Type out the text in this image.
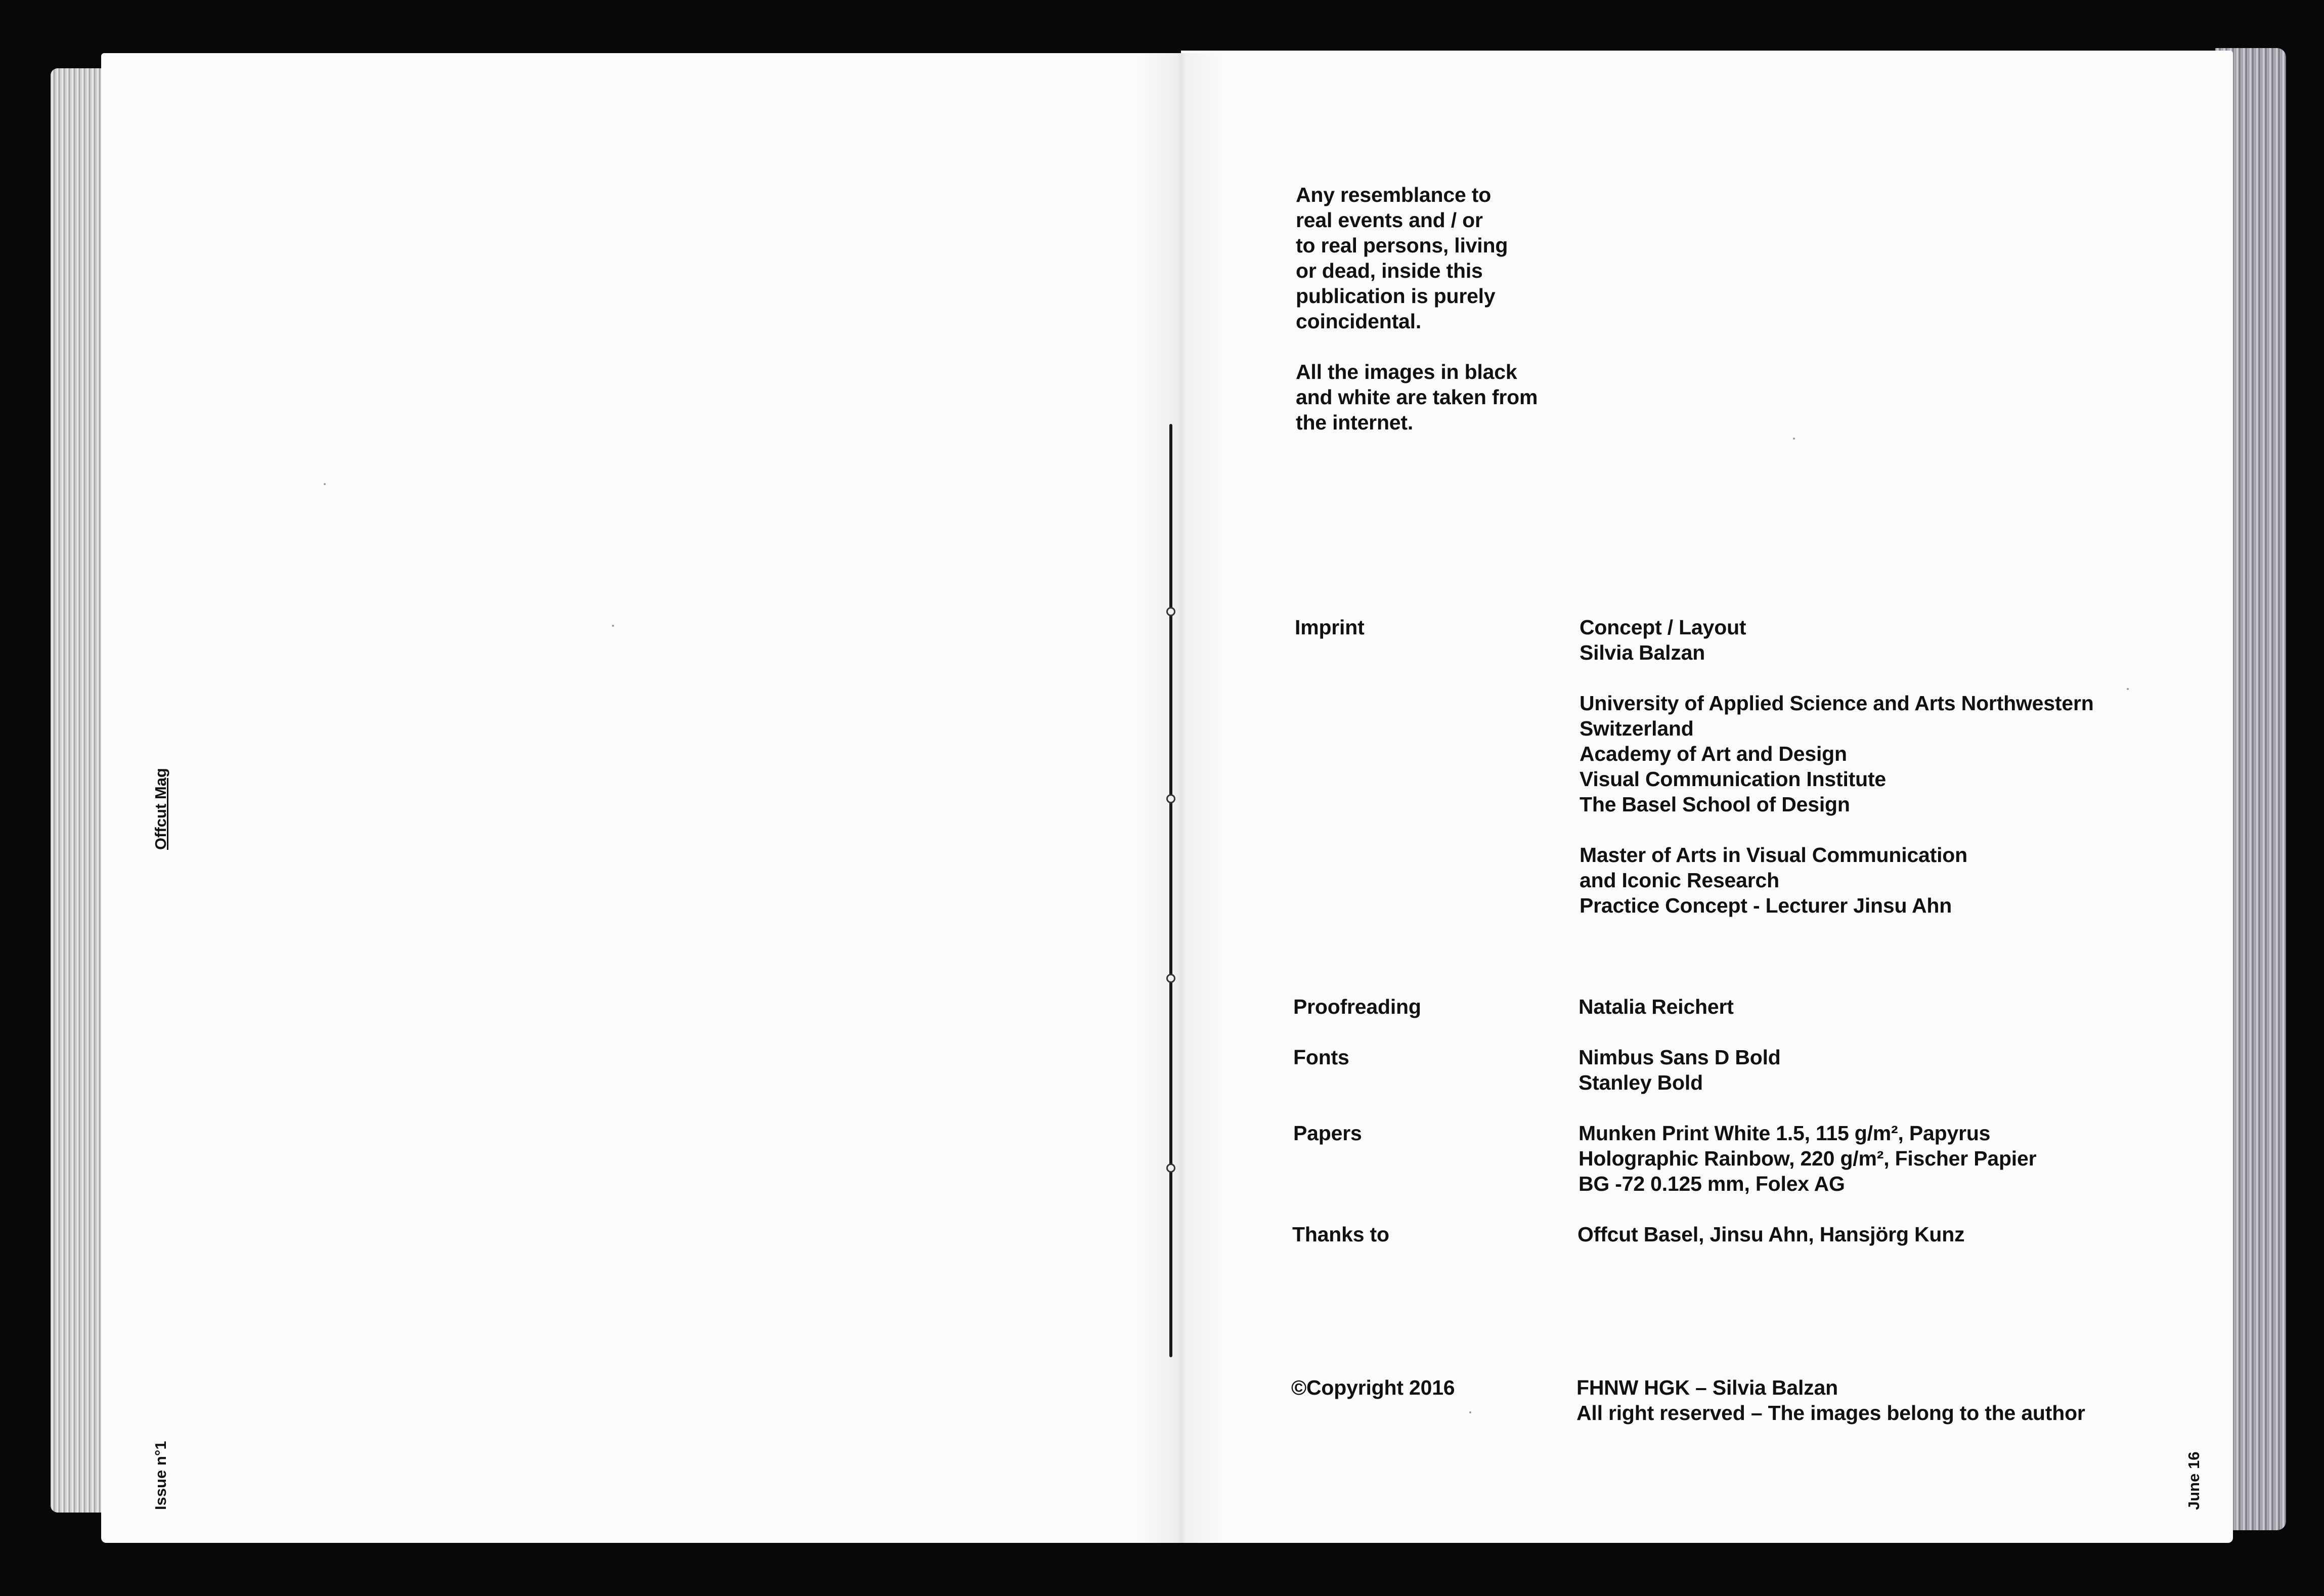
Offcut Mag
Issue n°1	June 16
Any resemblance to
real events and / or
to real persons, living
or dead, inside this
publication is purely
coincidental.
All the images in black
and white are taken from
the internet.
Imprint	Concept / Layout
Silvia Balzan
University of Applied Science and Arts Northwestern
Switzerland
Academy of Art and Design
Visual Communication Institute
The Basel School of Design
Master of Arts in Visual Communication
and Iconic Research
Practice Concept - Lecturer Jinsu Ahn
Proofreading	Natalia Reichert
Fonts	Nimbus Sans D Bold
Stanley Bold
Papers	Munken Print White 1.5, 115 g/m², Papyrus
Holographic Rainbow, 220 g/m², Fischer Papier
BG -72 0.125 mm, Folex AG
Thanks to	Offcut Basel, Jinsu Ahn, Hansjörg Kunz
©Copyright 2016	FHNW HGK – Silvia Balzan
All right reserved – The images belong to the author
